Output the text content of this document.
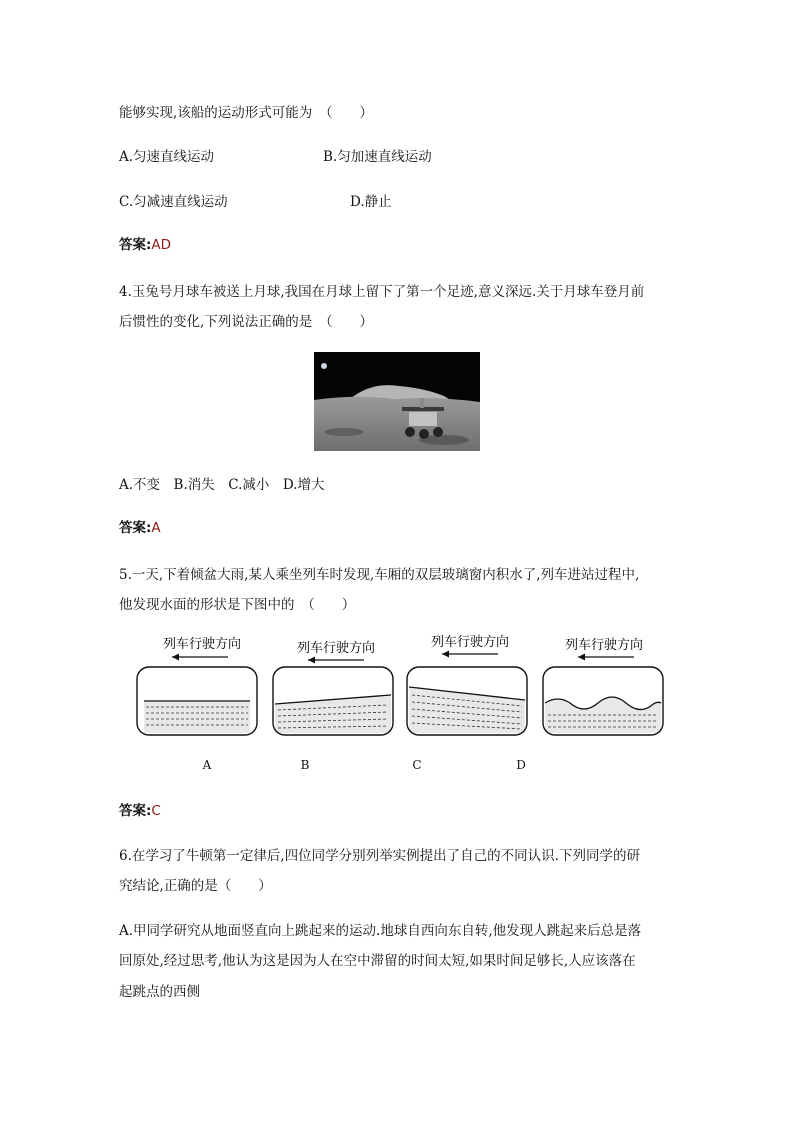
能够实现,该船的运动形式可能为　（　　）
A.匀速直线运动	B.匀加速直线运动
C.匀减速直线运动	D.静止
答案:AD
4.玉兔号月球车被送上月球,我国在月球上留下了第一个足迹,意义深远.关于月球车登月前
后惯性的变化,下列说法正确的是　（　　）
A.不变　B.消失　C.减小　D.增大
答案:A
5.一天,下着倾盆大雨,某人乘坐列车时发现,车厢的双层玻璃窗内积水了,列车进站过程中,
他发现水面的形状是下图中的　（　　）
列车行驶方向	列车行驶方向	列车行驶方向	列车行驶方向
A	B	C	D
答案:C
6.在学习了牛顿第一定律后,四位同学分别列举实例提出了自己的不同认识.下列同学的研
究结论,正确的是（　　）
A.甲同学研究从地面竖直向上跳起来的运动.地球自西向东自转,他发现人跳起来后总是落
回原处,经过思考,他认为这是因为人在空中滞留的时间太短,如果时间足够长,人应该落在
起跳点的西侧
